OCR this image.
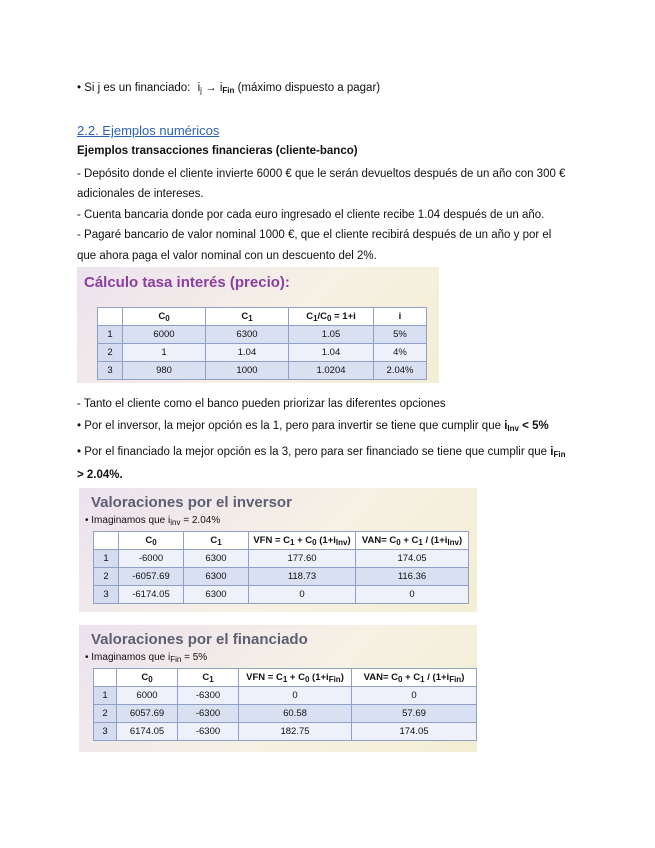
• Si j es un financiado: $i_j \to i_{Fin}$ (máximo dispuesto a pagar)
2.2. Ejemplos numéricos
Ejemplos transacciones financieras (cliente-banco)
- Depósito donde el cliente invierte 6000 € que le serán devueltos después de un año con 300 €
adicionales de intereses.
- Cuenta bancaria donde por cada euro ingresado el cliente recibe 1.04 después de un año.
- Pagaré bancario de valor nominal 1000 €, que el cliente recibirá después de un año y por el
que ahora paga el valor nominal con un descuento del 2%.
Cálculo tasa interés (precio):
	$C_0$	$C_1$	$C_1/C_0 = 1+i$	i
1	6000	6300	1.05	5%
2	1	1.04	1.04	4%
3	980	1000	1.0204	2.04%
- Tanto el cliente como el banco pueden priorizar las diferentes opciones
• Por el inversor, la mejor opción es la 1, pero para invertir se tiene que cumplir que $i_{Inv} < 5\%$
• Por el financiado la mejor opción es la 3, pero para ser financiado se tiene que cumplir que $i_{Fin}$
> 2.04%.
Valoraciones por el inversor
• Imaginamos que $i_{inv} = 2.04\%$
	$C_0$	$C_1$	VFN = $C_1 + C_0$ $(1+i_{Inv})$	$VAN= C_0 + C_1 / (1+i_{Inv})$
1	-6000	6300	177.60	174.05
2	-6057.69	6300	118.73	116.36
3	-6174.05	6300	0	0
Valoraciones por el financiado
• Imaginamos que $i_{Fin} = 5\%$
	$C_0$	$C_1$	VFN = $C_1 + C_0$ $(1+i_{Fin})$	$VAN= C_0 + C_1 / (1+i_{Fin})$
1	6000	-6300	0	0
2	6057.69	-6300	60.58	57.69
3	6174.05	-6300	182.75	174.05
